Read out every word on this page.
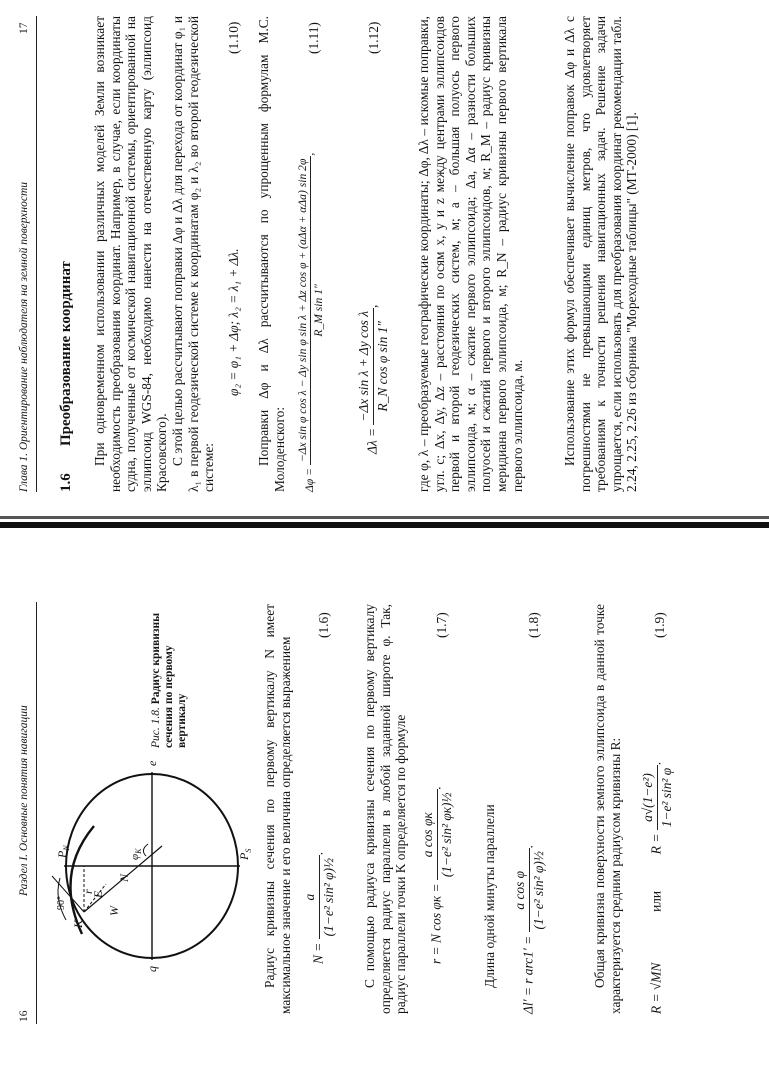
16
Раздел I. Основные понятия навигации $P_N$
$P_S$
K
q
e
E
r
N
W
$\varphi_K$
90°
Рис. 1.8. Радиус кривизны сечения по первому вертикалу	Радиус кривизны сечения по первому вертикалу N имеет максимальное значение и его величина определяется выражением	N =
a (1−e² sin² φ)½
.
(1.6) С помощью радиуса кривизны сечения по первому вертикалу определяется радиус параллели в любой заданной широте φ. Так, радиус параллели точки K определяется по формуле	r = N cos φк =
a cos φк (1−e² sin² φк)½
.
(1.7)
Длина одной минуты параллели	Δl′ = r arc1′ =
a cos φ (1−e² sin² φ)½
.
(1.8)	Общая кривизна поверхности земного эллипсоида в данной точке характеризуется средним радиусом кривизны R:	R = √MN  или  R =
a√(1−e²) 1−e² sin² φ
.
(1.9)
Глава 1. Ориентирование наблюдателя на земной поверхности
17
1.6
Преобразование координат При одновременном использовании различных моделей Земли возникает необходимость преобразования координат. Например, в случае, если координаты судна, полученные от космической навигационной системы, ориентированной на эллипсоид WGS-84, необходимо нанести на отечественную карту (эллипсоид Красовского). С этой целью рассчитывают поправки Δφ и Δλ для перехода от координат φ₁ и λ₁ в первой геодезической системе к координатам φ₂ и λ₂ во второй геодезической системе:
φ₂ = φ₁ + Δφ; λ₂ = λ₁ + Δλ.
(1.10) Поправки Δφ и Δλ рассчитываются по упрощенным формулам М.С. Молоденского:	Δφ =
−Δx sin φ cos λ − Δy sin φ sin λ + Δz cos φ + (aΔα + αΔa) sin 2φ R_M sin 1″
,
(1.11)
Δλ =
−Δx sin λ + Δy cos λ R_N cos φ sin 1″
,
(1.12)	где φ, λ – преобразуемые географические координаты; Δφ, Δλ – искомые поправки, угл. с; Δx, Δy, Δz – расстояния по осям x, y и z между центрами эллипсоидов первой и второй геодезических систем, м; a – большая полуось первого эллипсоида, м; α – сжатие первого эллипсоида; Δa, Δα – разности больших полуосей и сжатий первого и второго эллипсоидов, м; R_M – радиус кривизны меридиана первого эллипсоида, м; R_N – радиус кривизны первого вертикала первого эллипсоида, м.	Использование этих формул обеспечивает вычисление поправок Δφ и Δλ с погрешностями не превышающими единиц метров, что удовлетворяет требованиям к точности решения навигационных задач. Решение задачи упрощается, если использовать для преобразования координат рекомендации табл. 2.24, 2.25, 2.26 из сборника "Мореходные таблицы" (МТ-2000) [1].
